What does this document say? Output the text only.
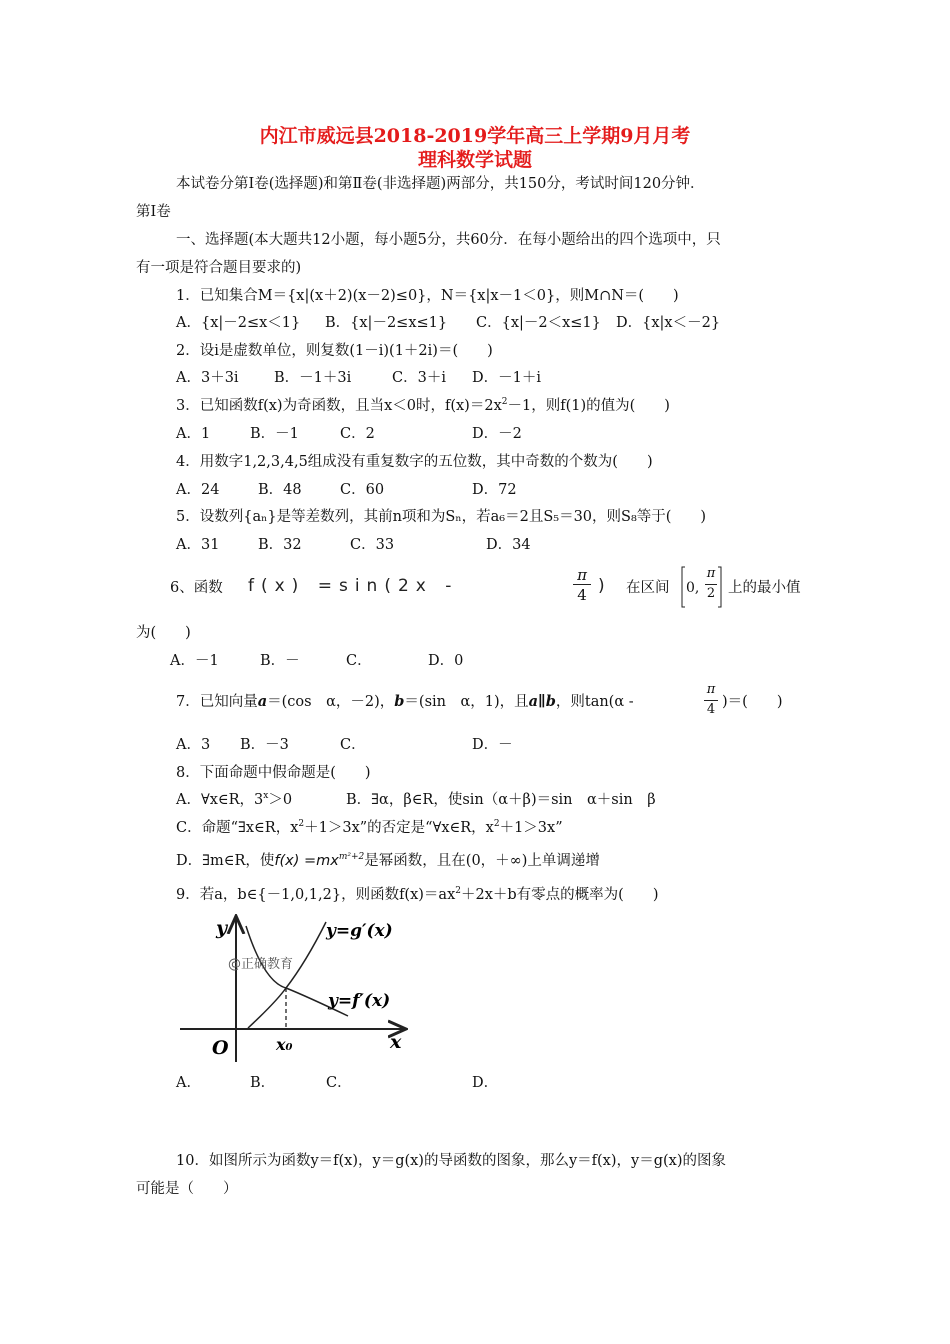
内江市威远县2018-2019学年高三上学期9月月考
理科数学试题
本试卷分第Ⅰ卷(选择题)和第Ⅱ卷(非选择题)两部分，共150分，考试时间120分钟．
第Ⅰ卷
一、选择题(本大题共12小题，每小题5分，共60分．在每小题给出的四个选项中，只
有一项是符合题目要求的)
1．已知集合M＝{x|(x＋2)(x－2)≤0}，N＝{x|x－1＜0}，则M∩N＝(　　)
A．{x|－2≤x＜1} B．{x|－2≤x≤1} C．{x|－2＜x≤1} D．{x|x＜－2}
2．设i是虚数单位，则复数(1－i)(1＋2i)＝(　　)
A．3＋3i B．－1＋3i	C．3＋i D．－1＋i
3．已知函数f(x)为奇函数，且当x＜0时，$f(x)=2x^2-1$，则f(1)的值为(　　)
A．1	B．－1	C．2	D．－2
4．用数字1,2,3,4,5组成没有重复数字的五位数，其中奇数的个数为(　　)
A．24	B．48	C．60	D．72
5．设数列{aₙ}是等差数列，其前n项和为Sₙ，若a₆＝2且S₅＝30，则S₈等于(　　)
A．31	B．32	C．33	D．34
6、函数 f(x) =sin(2x -
π
4 ) 在区间 0,
π
2 上的最小值
为(　　)
A．－1	B．－	C．	D．0
7．已知向量a＝(cos　α，－2)，b＝(sin　α，1)，且a∥b，则tan(α -
π
4 )＝(　　)
A．3 B．－3	C．	D．－
8．下面命题中假命题是(　　)
A．∀x∈R，$3^x>0$	B．∃α，β∈R，使sin（α＋β)＝sin　α＋sin　β
C．命题“∃x∈R，$x^2+1>3x$”的否定是“∀x∈R，$x^2+1>3x$”
D．∃m∈R，使$f(x) =mx^{m^2+2}$是幂函数，且在(0，＋∞)上单调递增
9．若a，b∈{－1,0,1,2}，则函数$f(x)=ax^2+2x+b$有零点的概率为(　　)
y
x
O	x₀
y=g′(x)
y=f′(x)
@正确教育
A．	B．	C．	D．
10．如图所示为函数y＝f(x)，y＝g(x)的导函数的图象，那么y＝f(x)，y＝g(x)的图象
可能是（　　）
